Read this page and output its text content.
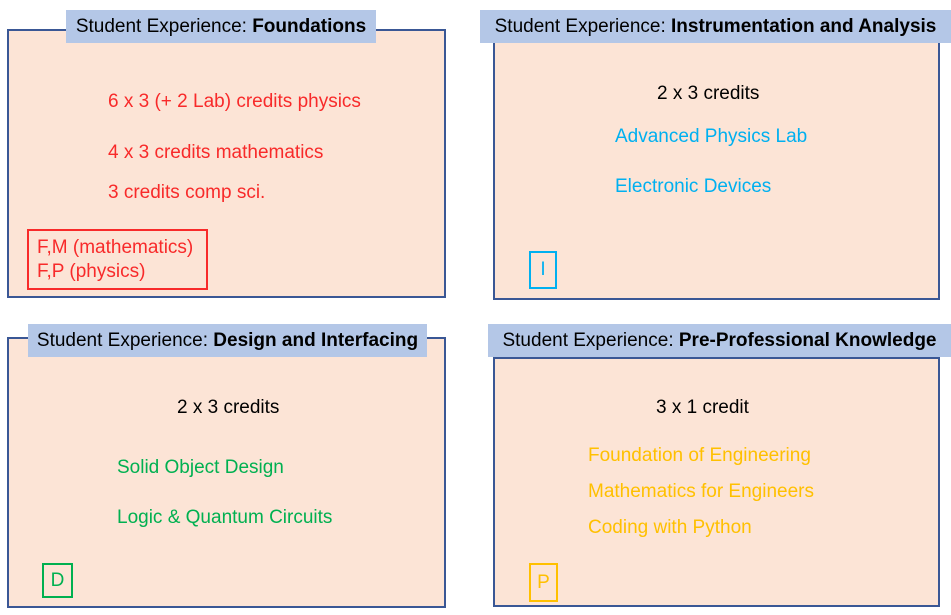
Student Experience: Foundations
6 x 3 (+ 2 Lab) credits physics
4 x 3 credits mathematics
3 credits comp sci.
F,M (mathematics)
F,P (physics)
Student Experience: Instrumentation and Analysis
2 x 3 credits
Advanced Physics Lab
Electronic Devices
I
Student Experience: Design and Interfacing
2 x 3 credits
Solid Object Design
Logic & Quantum Circuits
D
Student Experience: Pre-Professional Knowledge
3 x 1 credit
Foundation of Engineering
Mathematics for Engineers
Coding with Python
P
